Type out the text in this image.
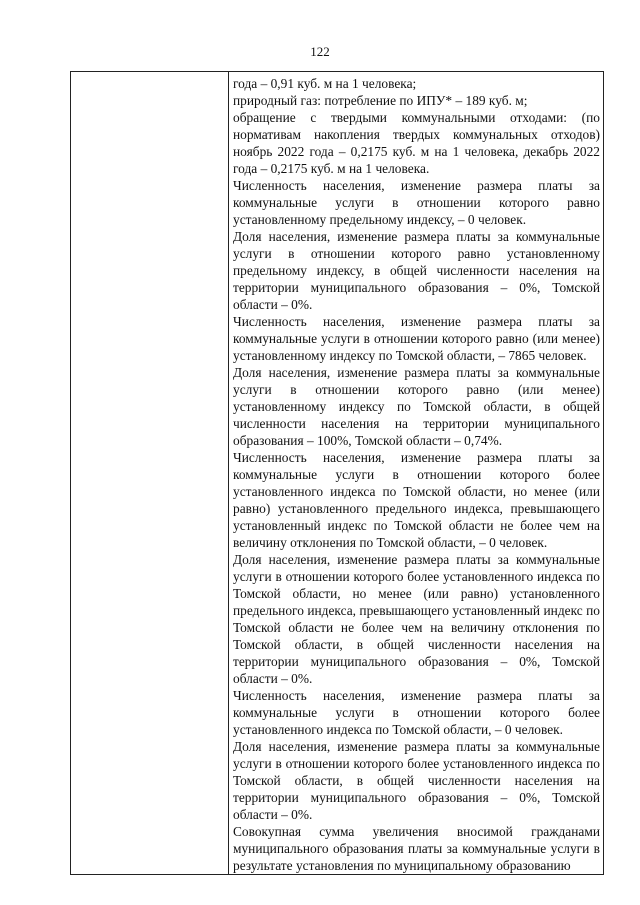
122

года – 0,91 куб. м на 1 человека;

природный газ: потребление по ИПУ* – 189 куб. м;

обращение с твердыми коммунальными отходами: (по нормативам накопления твердых коммунальных отходов) ноябрь 2022 года – 0,2175 куб. м на 1 человека, декабрь 2022 года – 0,2175 куб. м на 1 человека.

Численность населения, изменение размера платы за коммунальные услуги в отношении которого равно установленному предельному индексу, – 0 человек.

Доля населения, изменение размера платы за коммунальные услуги в отношении которого равно установленному предельному индексу, в общей численности населения на территории муниципального образования – 0%, Томской области – 0%.

Численность населения, изменение размера платы за коммунальные услуги в отношении которого равно (или менее) установленному индексу по Томской области, – 7865 человек.

Доля населения, изменение размера платы за коммунальные услуги в отношении которого равно (или менее) установленному индексу по Томской области, в общей численности населения на территории муниципального образования – 100%, Томской области – 0,74%.

Численность населения, изменение размера платы за коммунальные услуги в отношении которого более установленного индекса по Томской области, но менее (или равно) установленного предельного индекса, превышающего установленный индекс по Томской области не более чем на величину отклонения по Томской области, – 0 человек.

Доля населения, изменение размера платы за коммунальные услуги в отношении которого более установленного индекса по Томской области, но менее (или равно) установленного предельного индекса, превышающего установленный индекс по Томской области не более чем на величину отклонения по Томской области, в общей численности населения на территории муниципального образования – 0%, Томской области – 0%.

Численность населения, изменение размера платы за коммунальные услуги в отношении которого более установленного индекса по Томской области, – 0 человек.

Доля населения, изменение размера платы за коммунальные услуги в отношении которого более установленного индекса по Томской области, в общей численности населения на территории муниципального образования – 0%, Томской области – 0%.

Совокупная сумма увеличения вносимой гражданами муниципального образования платы за коммунальные услуги в результате установления по муниципальному образованию
